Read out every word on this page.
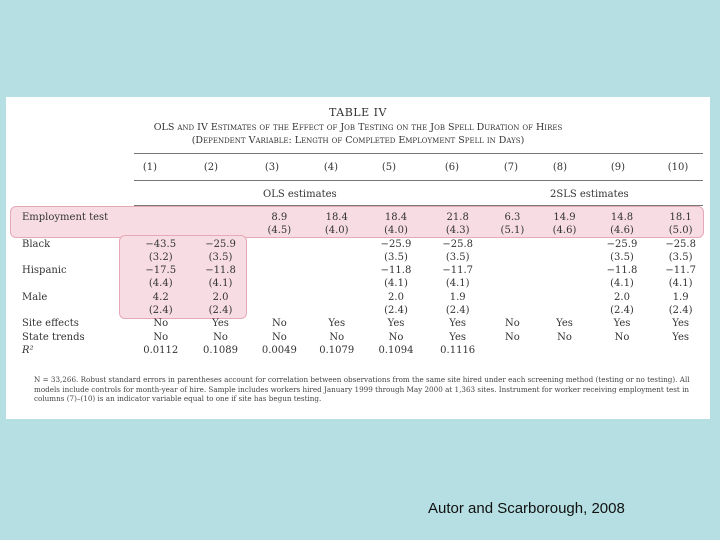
TABLE IV
OLS and IV Estimates of the Effect of Job Testing on the Job Spell Duration of Hires
(Dependent Variable: Length of Completed Employment Spell in Days)
(1)	(2)	(3)	(4)	(5)	(6)	(7)	(8)	(9)	(10)
OLS estimates	2SLS estimates
Employment test			8.9	18.4	18.4	21.8	6.3	14.9	14.8	18.1
			(4.5)	(4.0)	(4.0)	(4.3)	(5.1)	(4.6)	(4.6)	(5.0)
Black	−43.5	−25.9			−25.9	−25.8			−25.9	−25.8
	(3.2)	(3.5)			(3.5)	(3.5)			(3.5)	(3.5)
Hispanic	−17.5	−11.8			−11.8	−11.7			−11.8	−11.7
	(4.4)	(4.1)			(4.1)	(4.1)			(4.1)	(4.1)
Male	4.2	2.0			2.0	1.9			2.0	1.9
	(2.4)	(2.4)			(2.4)	(2.4)			(2.4)	(2.4)
Site effects	No	Yes	No	Yes	Yes	Yes	No	Yes	Yes	Yes
State trends	No	No	No	No	No	Yes	No	No	No	Yes
R²	0.0112	0.1089	0.0049	0.1079	0.1094	0.1116				
N = 33,266. Robust standard errors in parentheses account for correlation between observations from the same site hired under each screening method (testing or no testing). All models include controls for month-year of hire. Sample includes workers hired January 1999 through May 2000 at 1,363 sites. Instrument for worker receiving employment test in columns (7)–(10) is an indicator variable equal to one if site has begun testing.
Autor and Scarborough, 2008
